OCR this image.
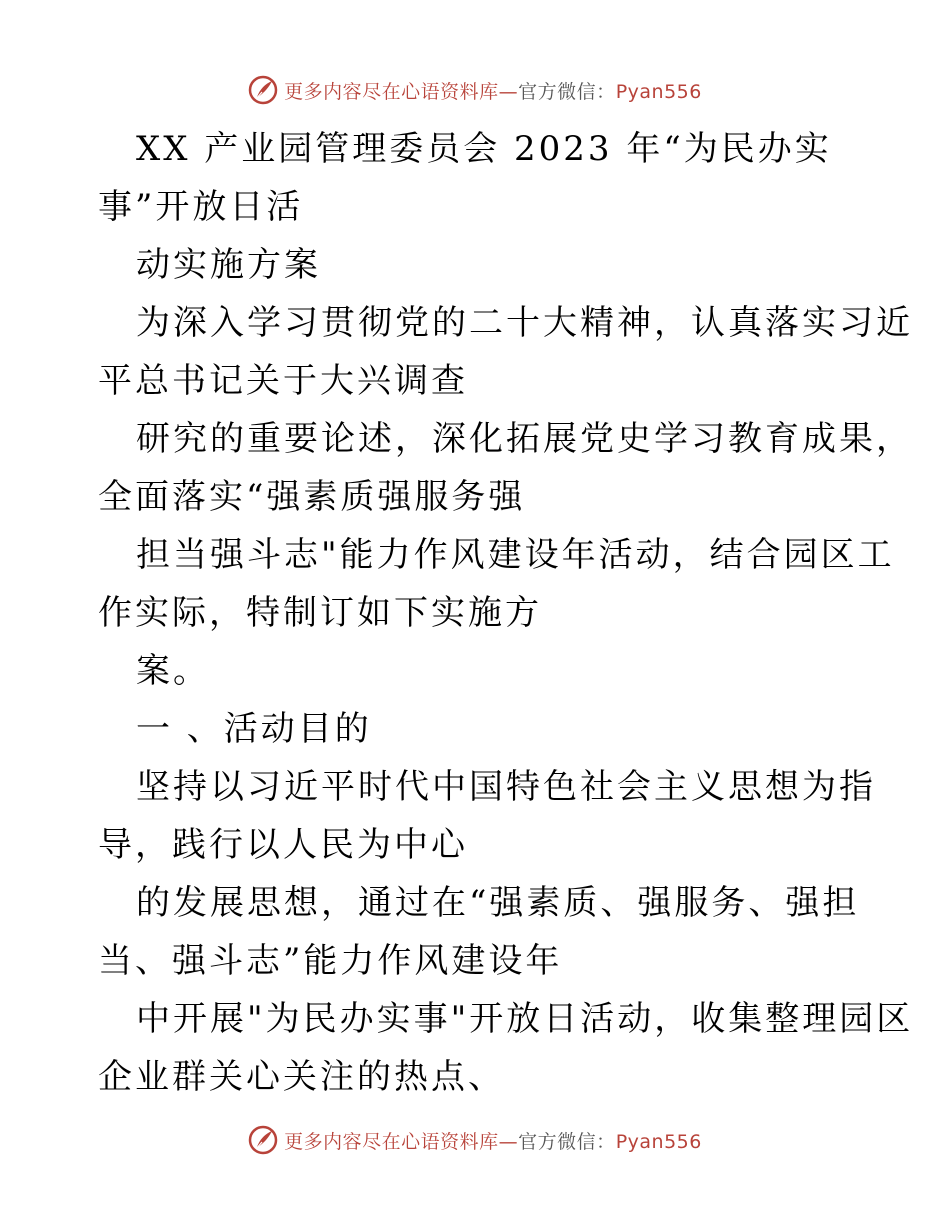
更多内容尽在心语资料库—官方微信：Pyan556
XX 产业园管理委员会 2023 年“为民办实
事”开放日活
动实施方案
为深入学习贯彻党的二十大精神，认真落实习近
平总书记关于大兴调查
研究的重要论述，深化拓展党史学习教育成果，
全面落实“强素质强服务强
担当强斗志"能力作风建设年活动，结合园区工
作实际，特制订如下实施方
案。
一 、活动目的
坚持以习近平时代中国特色社会主义思想为指
导，践行以人民为中心
的发展思想，通过在“强素质、强服务、强担
当、强斗志”能力作风建设年
中开展"为民办实事"开放日活动，收集整理园区
企业群关心关注的热点、
更多内容尽在心语资料库—官方微信：Pyan556
